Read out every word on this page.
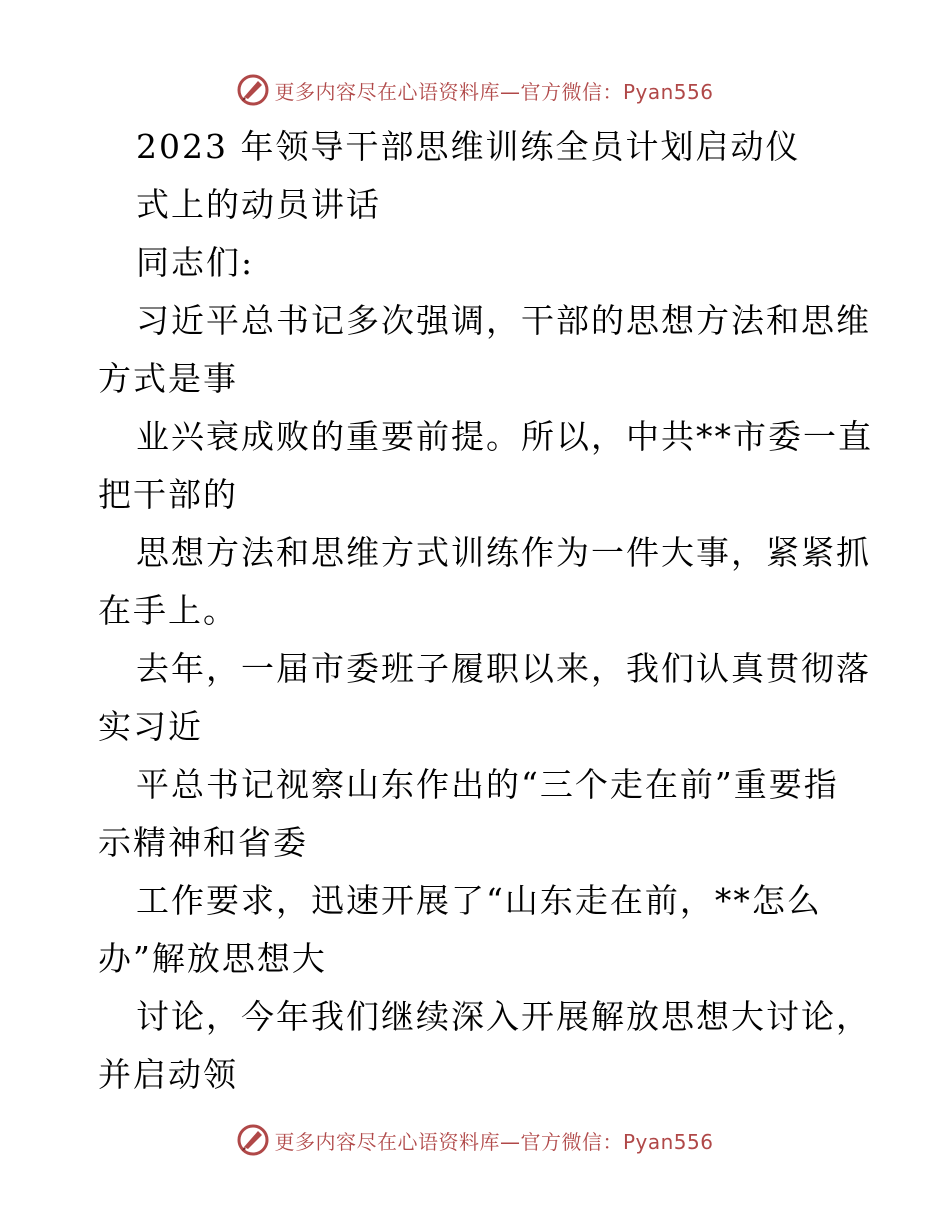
更多内容尽在心语资料库—官方微信：Pyan556
2023 年领导干部思维训练全员计划启动仪
式上的动员讲话
同志们:
习近平总书记多次强调，干部的思想方法和思维
方式是事
业兴衰成败的重要前提。所以，中共**市委一直
把干部的
思想方法和思维方式训练作为一件大事，紧紧抓
在手上。
去年，一届市委班子履职以来，我们认真贯彻落
实习近
平总书记视察山东作出的“三个走在前”重要指
示精神和省委
工作要求，迅速开展了“山东走在前，**怎么
办”解放思想大
讨论，今年我们继续深入开展解放思想大讨论，
并启动领
更多内容尽在心语资料库—官方微信：Pyan556
